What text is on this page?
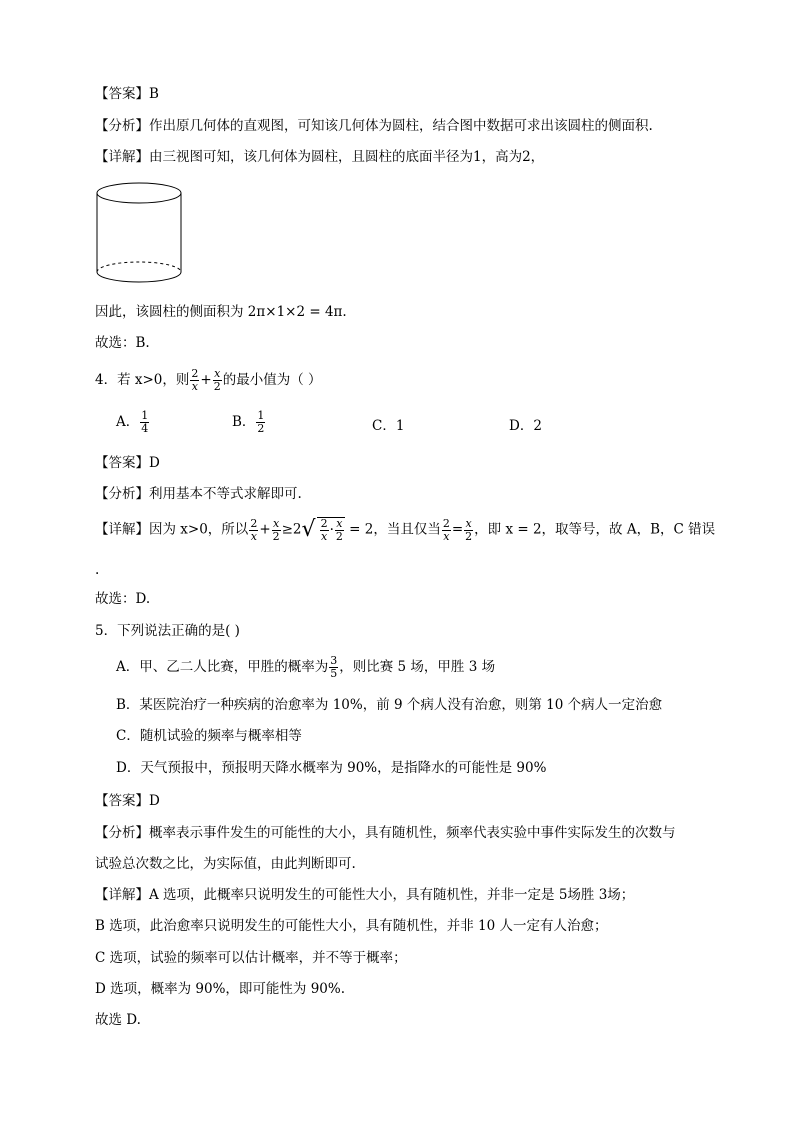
【答案】B
【分析】作出原几何体的直观图，可知该几何体为圆柱，结合图中数据可求出该圆柱的侧面积.
【详解】由三视图可知，该几何体为圆柱，且圆柱的底面半径为1，高为2，
因此，该圆柱的侧面积为 2π×1×2 = 4π.
故选：B.
4．若 x>0，则 $\frac{2}{x} + \frac{x}{2}$ 的最小值为（ ）
A． $\frac{1}{4}$	B． $\frac{1}{2}$	C．1	D．2
【答案】D
【分析】利用基本不等式求解即可.
【详解】因为 x>0，所以 $\frac{2}{x} + \frac{x}{2} \ge 2√ \frac{2}{x} \cdot \frac{x}{2} = 2$，当且仅当 $\frac{2}{x} = \frac{x}{2}$ ，即 x = 2，取等号，故 A，B，C 错误
.
故选：D.
5．下列说法正确的是( )
A．甲、乙二人比赛，甲胜的概率为 $\frac{3}{5}$ ，则比赛 5 场，甲胜 3 场
B．某医院治疗一种疾病的治愈率为 10%，前 9 个病人没有治愈，则第 10 个病人一定治愈
C．随机试验的频率与概率相等
D．天气预报中，预报明天降水概率为 90%，是指降水的可能性是 90%
【答案】D
【分析】概率表示事件发生的可能性的大小，具有随机性，频率代表实验中事件实际发生的次数与
试验总次数之比，为实际值，由此判断即可.
【详解】A 选项，此概率只说明发生的可能性大小，具有随机性，并非一定是 5场胜 3场；
B 选项，此治愈率只说明发生的可能性大小，具有随机性，并非 10 人一定有人治愈；
C 选项，试验的频率可以估计概率，并不等于概率；
D 选项，概率为 90%，即可能性为 90%.
故选 D.
